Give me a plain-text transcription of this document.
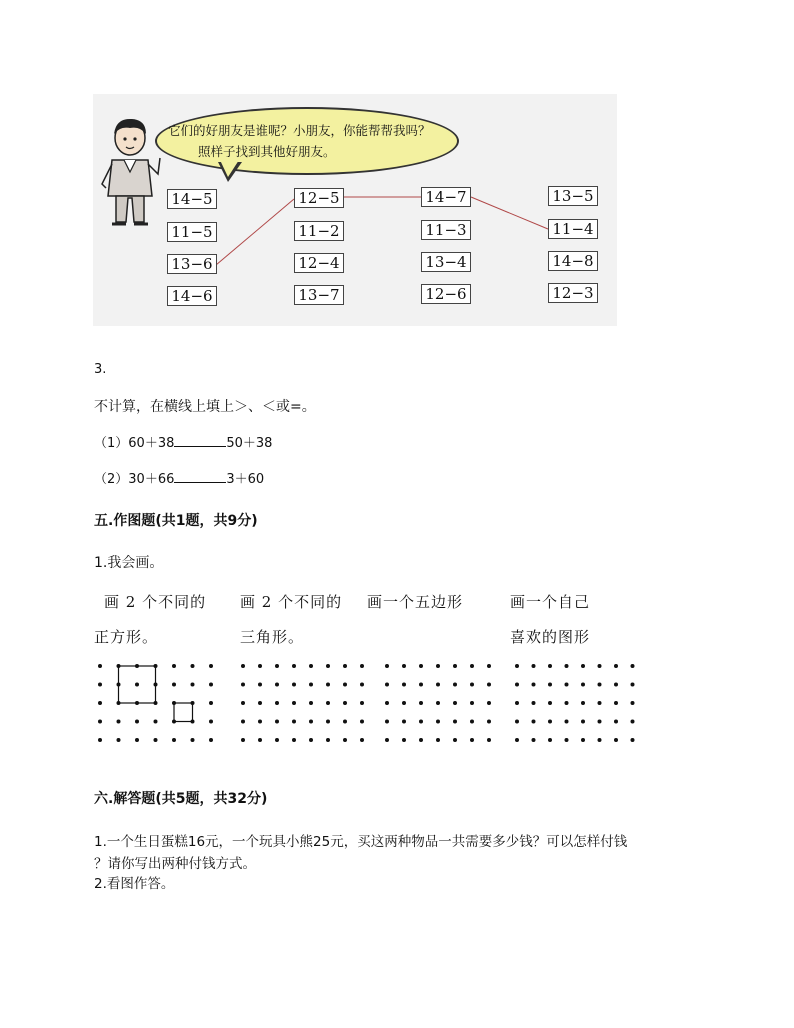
它们的好朋友是谁呢？小朋友，你能帮帮我吗？
照样子找到其他好朋友。
14−5
11−5
13−6
14−6
12−5
11−2
12−4
13−7
14−7
11−3
13−4
12−6
13−5
11−4
14−8
12−3
3.
不计算，在横线上填上＞、＜或=。
（1）60＋38	50＋38
（2）30＋66	3＋60
五.作图题(共1题，共9分)
1.我会画。
画 2 个不同的
正方形。
画 2 个不同的
三角形。
画一个五边形	画一个自己
喜欢的图形
六.解答题(共5题，共32分)
1.一个生日蛋糕16元，一个玩具小熊25元，买这两种物品一共需要多少钱？可以怎样付钱
？请你写出两种付钱方式。
2.看图作答。
